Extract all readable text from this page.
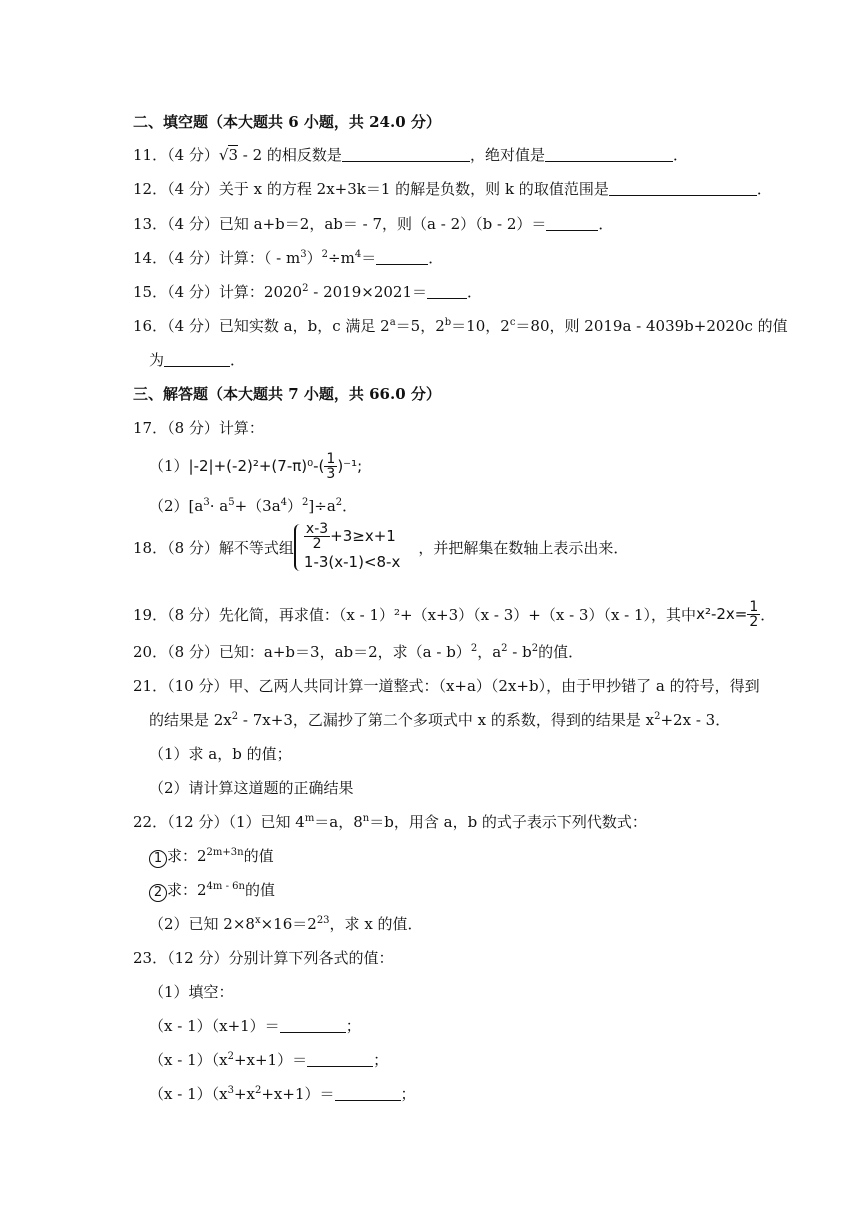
二、填空题（本大题共 6 小题，共 24.0 分）
11．（4 分）√3 - 2 的相反数是	，绝对值是	．
12．（4 分）关于 x 的方程 2x+3k＝1 的解是负数，则 k 的取值范围是	．
13．（4 分）已知 a+b＝2，ab＝ - 7，则（a - 2）（b - 2）＝	．
14．（4 分）计算：（ - $m^3)^2\div m^4=$	．
15．（4 分）计算：2020$^2$ - 2019×2021＝	．
16．（4 分）已知实数 a，b，c 满足 $2^a=5$，$2^b=10$，$2^c=80$，则 2019a - 4039b+2020c 的值
为	．
三、解答题（本大题共 7 小题，共 66.0 分）
17．（8 分）计算：
$(1)|-2|+(-2)^2+(7-\pi)^0-( \frac{1}{3} )^{-1}$;
$(2)[a^3\cdot a^5+(3a^4)^2]\div a^2$．
18．（8 分）解不等式组 $\frac{x-3}{2} +3\ge x+1$
1-3(x-1)<8-x
，并把解集在数轴上表示出来．
19．（8 分）先化简，再求值：（x - 1）²+（x+3）（x - 3）+（x - 3）（x - 1），其中$x^2-2x= \frac{1}{2}$ ．
20．（8 分）已知：a+b＝3，ab＝2，求（a - b）$^2$，$a^2 - b^2$的值．
21．（10 分）甲、乙两人共同计算一道整式：（x+a）（2x+b），由于甲抄错了 a 的符号，得到
的结果是 $2x^2 - 7x+3$，乙漏抄了第二个多项式中 x 的系数，得到的结果是 $x^2+2x - 3$．
（1）求 a，b 的值；
（2）请计算这道题的正确结果
22．（12 分）（1）已知 $4^m=a$，$8^n=b$，用含 a，b 的式子表示下列代数式：
1 求：$2^{2m+3n}$的值
2 求：$2^{4m - 6n}$的值
（2）已知 $2\times 8^x\times 16=2^{23}$，求 x 的值．
23．（12 分）分别计算下列各式的值：
（1）填空：
（x - 1）（x+1）＝	；
$(x - 1)(x^2+x+1)=$	；
$(x - 1)(x^3+x^2+x+1)=$	；
